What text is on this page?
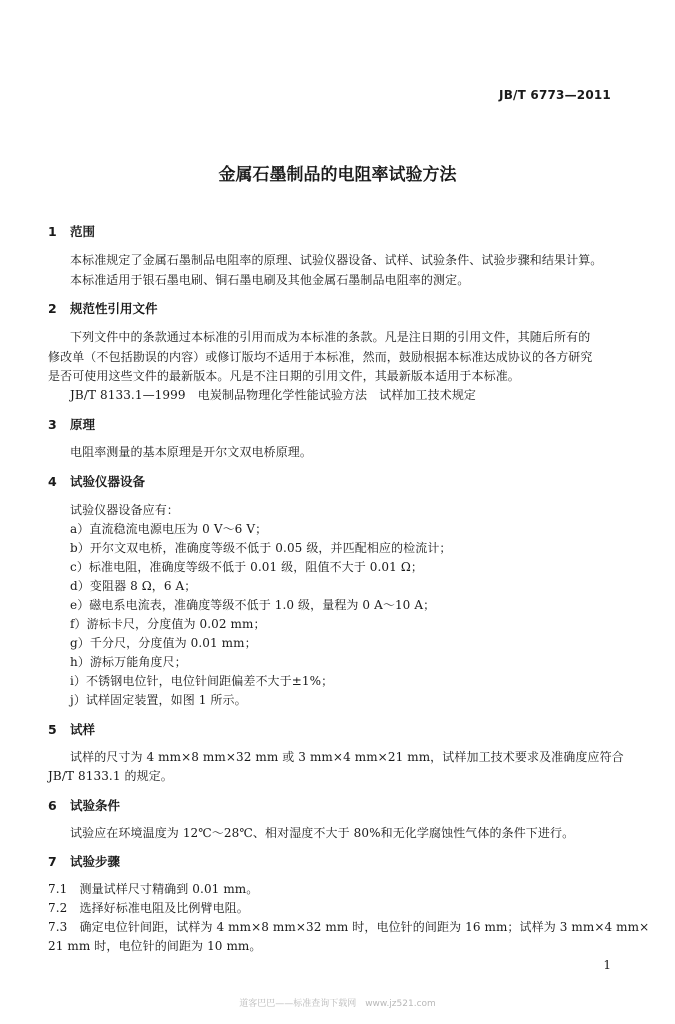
JB/T 6773—2011
金属石墨制品的电阻率试验方法
1 范围
本标准规定了金属石墨制品电阻率的原理、试验仪器设备、试样、试验条件、试验步骤和结果计算。
本标准适用于银石墨电刷、铜石墨电刷及其他金属石墨制品电阻率的测定。
2 规范性引用文件
下列文件中的条款通过本标准的引用而成为本标准的条款。凡是注日期的引用文件，其随后所有的
修改单（不包括勘误的内容）或修订版均不适用于本标准，然而，鼓励根据本标准达成协议的各方研究
是否可使用这些文件的最新版本。凡是不注日期的引用文件，其最新版本适用于本标准。
JB/T 8133.1—1999　电炭制品物理化学性能试验方法　试样加工技术规定
3 原理
电阻率测量的基本原理是开尔文双电桥原理。
4 试验仪器设备
试验仪器设备应有：
a）直流稳流电源电压为 0 V～6 V；
b）开尔文双电桥，准确度等级不低于 0.05 级，并匹配相应的检流计；
c）标准电阻，准确度等级不低于 0.01 级，阻值不大于 0.01 Ω；
d）变阻器 8 Ω，6 A；
e）磁电系电流表，准确度等级不低于 1.0 级，量程为 0 A～10 A；
f）游标卡尺，分度值为 0.02 mm；
g）千分尺，分度值为 0.01 mm；
h）游标万能角度尺；
i）不锈钢电位针，电位针间距偏差不大于±1%；
j）试样固定装置，如图 1 所示。
5 试样
试样的尺寸为 4 mm×8 mm×32 mm 或 3 mm×4 mm×21 mm，试样加工技术要求及准确度应符合
JB/T 8133.1 的规定。
6 试验条件
试验应在环境温度为 12℃～28℃、相对湿度不大于 80%和无化学腐蚀性气体的条件下进行。
7 试验步骤
7.1　测量试样尺寸精确到 0.01 mm。
7.2　选择好标准电阻及比例臂电阻。
7.3　确定电位针间距，试样为 4 mm×8 mm×32 mm 时，电位针的间距为 16 mm；试样为 3 mm×4 mm×
21 mm 时，电位针的间距为 10 mm。
1
道客巴巴——标准查询下载网　www.jz521.com
